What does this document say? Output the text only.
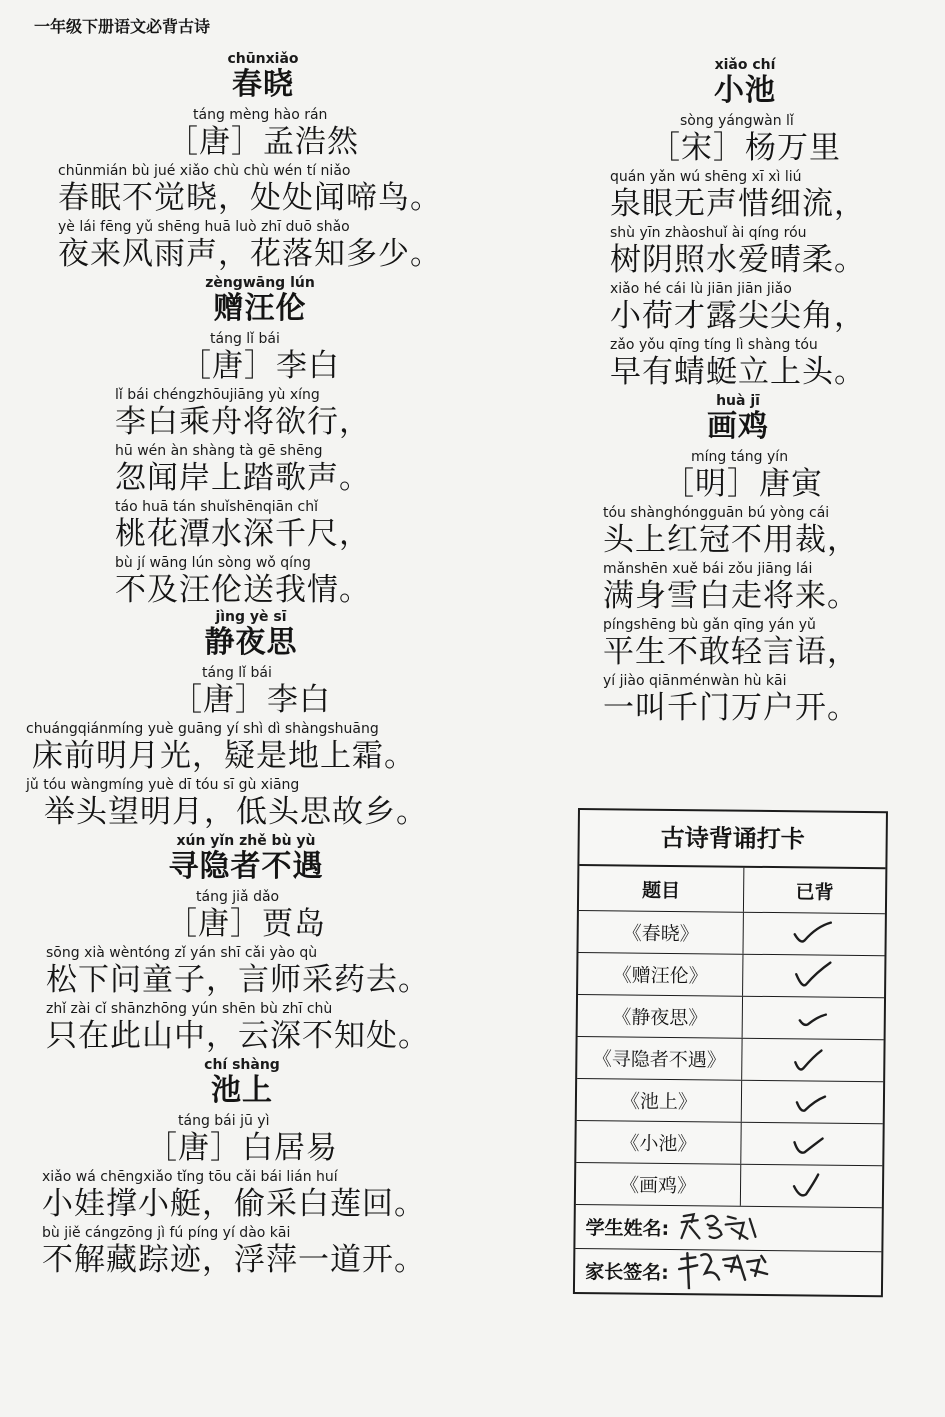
一年级下册语文必背古诗
chūnxiǎo
春晓
táng mèng hào rán
［唐］孟浩然
chūnmián bù jué xiǎo chù chù wén tí niǎo
春眠不觉晓，处处闻啼鸟。
yè lái fēng yǔ shēng huā luò zhī duō shǎo
夜来风雨声，花落知多少。
zèngwāng lún
赠汪伦
táng lǐ bái
［唐］李白
lǐ bái chéngzhōujiāng yù xíng
李白乘舟将欲行，
hū wén àn shàng tà gē shēng
忽闻岸上踏歌声。
táo huā tán shuǐshēnqiān chǐ
桃花潭水深千尺，
bù jí wāng lún sòng wǒ qíng
不及汪伦送我情。
jìng yè sī
静夜思
táng lǐ bái
［唐］李白
chuángqiánmíng yuè guāng yí shì dì shàngshuāng
床前明月光，疑是地上霜。
jǔ tóu wàngmíng yuè dī tóu sī gù xiāng
举头望明月，低头思故乡。
xún yǐn zhě bù yù
寻隐者不遇
táng jiǎ dǎo
［唐］贾岛
sōng xià wèntóng zǐ yán shī cǎi yào qù
松下问童子，言师采药去。
zhǐ zài cǐ shānzhōng yún shēn bù zhī chù
只在此山中，云深不知处。
chí shàng
池上
táng bái jū yì
［唐］白居易
xiǎo wá chēngxiǎo tǐng tōu cǎi bái lián huí
小娃撑小艇，偷采白莲回。
bù jiě cángzōng jì fú píng yí dào kāi
不解藏踪迹，浮萍一道开。
xiǎo chí
小池
sòng yángwàn lǐ
［宋］杨万里
quán yǎn wú shēng xī xì liú
泉眼无声惜细流，
shù yīn zhàoshuǐ ài qíng róu
树阴照水爱晴柔。
xiǎo hé cái lù jiān jiān jiǎo
小荷才露尖尖角，
zǎo yǒu qīng tíng lì shàng tóu
早有蜻蜓立上头。
huà jī
画鸡
míng táng yín
［明］唐寅
tóu shànghóngguān bú yòng cái
头上红冠不用裁，
mǎnshēn xuě bái zǒu jiāng lái
满身雪白走将来。
píngshēng bù gǎn qīng yán yǔ
平生不敢轻言语，
yí jiào qiānménwàn hù kāi
一叫千门万户开。
古诗背诵打卡
题目	已背
《春晓》
《赠汪伦》
《静夜思》
《寻隐者不遇》
《池上》
《小池》
《画鸡》
学生姓名:
家长签名:
